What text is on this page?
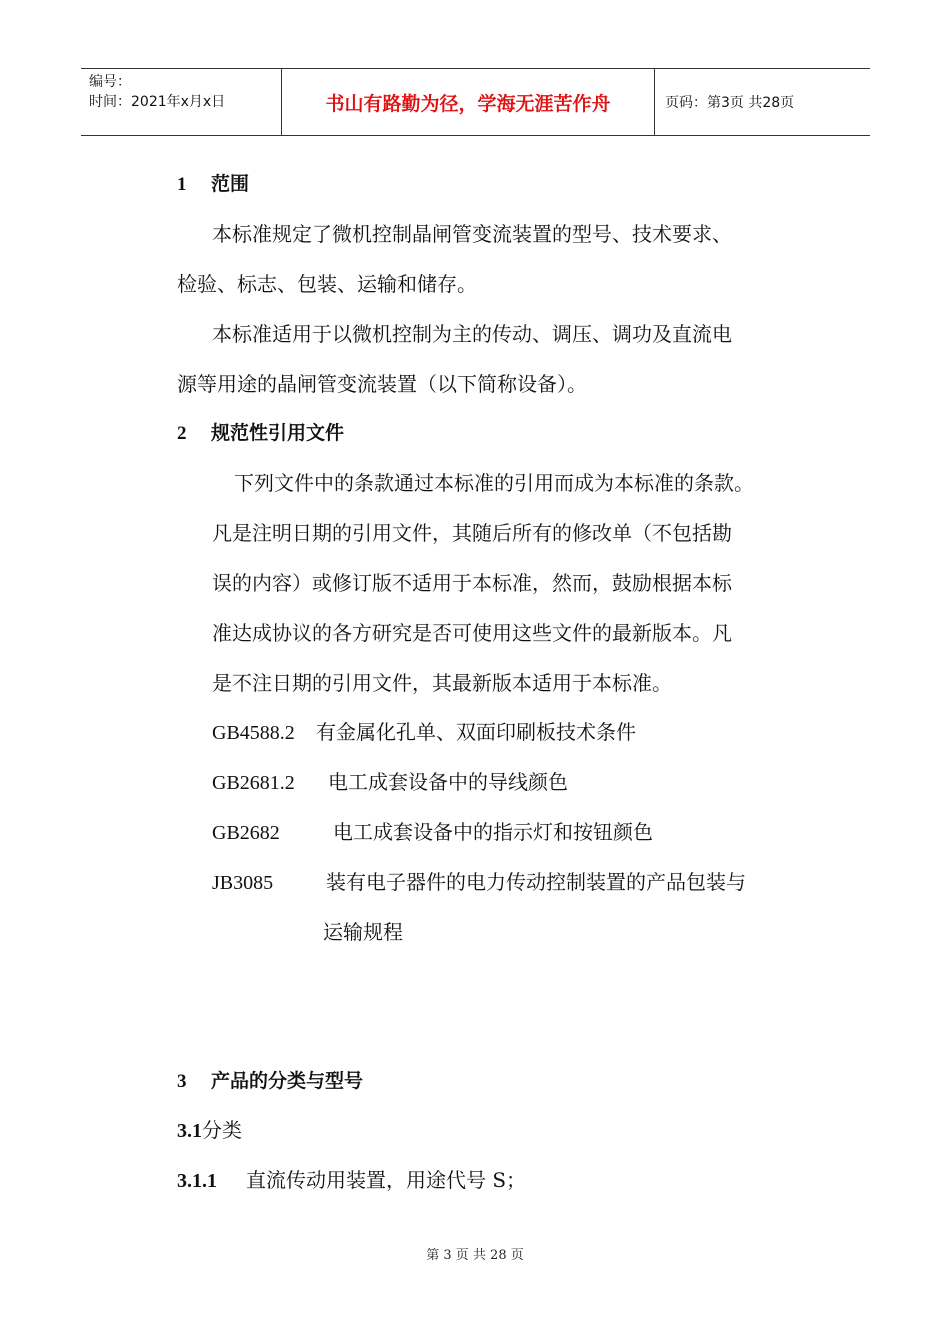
编号：
时间：2021年x月x日	书山有路勤为径，学海无涯苦作舟	页码：第3页 共28页
1 范围
本标准规定了微机控制晶闸管变流装置的型号、技术要求、
检验、标志、包装、运输和储存。
本标准适用于以微机控制为主的传动、调压、调功及直流电
源等用途的晶闸管变流装置（以下简称设备）。
2 规范性引用文件
下列文件中的条款通过本标准的引用而成为本标准的条款。
凡是注明日期的引用文件，其随后所有的修改单（不包括勘
误的内容）或修订版不适用于本标准，然而，鼓励根据本标
准达成协议的各方研究是否可使用这些文件的最新版本。凡
是不注日期的引用文件，其最新版本适用于本标准。
GB4588.2 有金属化孔单、双面印刷板技术条件
GB2681.2 电工成套设备中的导线颜色
GB2682	电工成套设备中的指示灯和按钮颜色
JB3085	装有电子器件的电力传动控制装置的产品包装与
运输规程
3 产品的分类与型号
3.1分类
3.1.1 直流传动用装置，用途代号 S；
第 3 页 共 28 页
